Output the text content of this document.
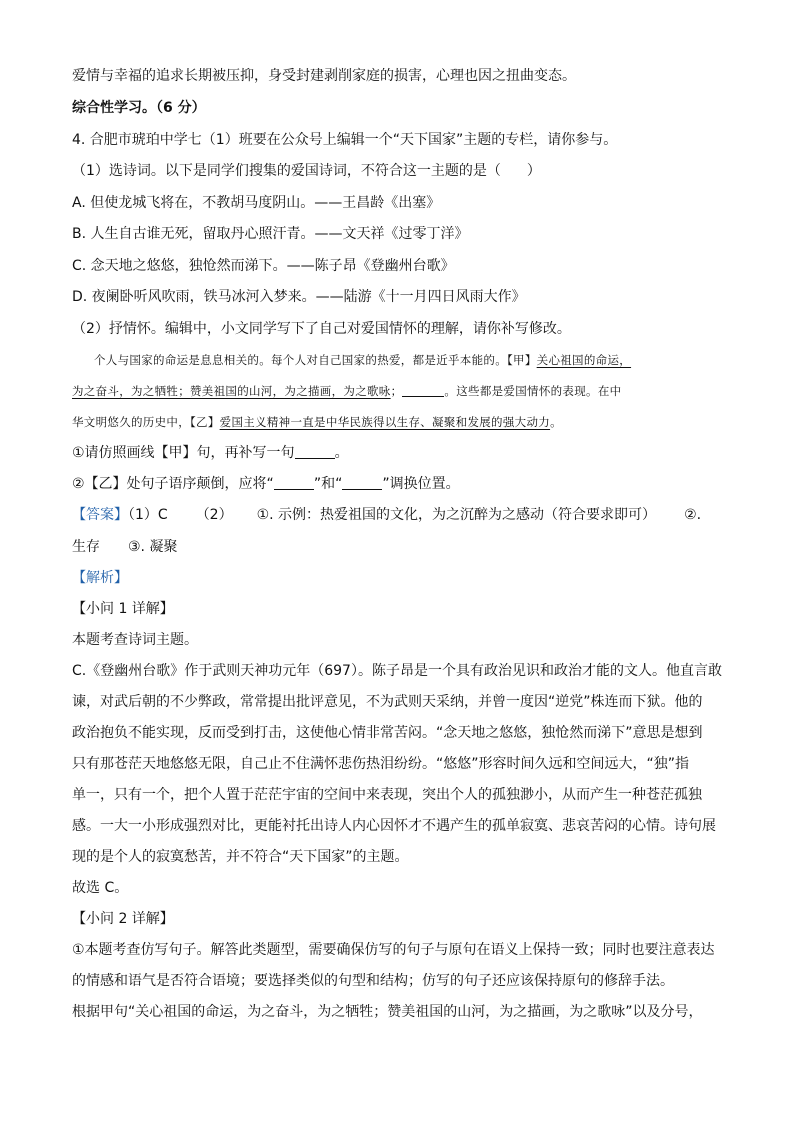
爱情与幸福的追求长期被压抑，身受封建剥削家庭的损害，心理也因之扭曲变态。
综合性学习。（6 分）
4. 合肥市琥珀中学七（1）班要在公众号上编辑一个“天下国家”主题的专栏，请你参与。
（1）选诗词。以下是同学们搜集的爱国诗词，不符合这一主题的是（ ）
A. 但使龙城飞将在，不教胡马度阴山。——王昌龄《出塞》
B. 人生自古谁无死，留取丹心照汗青。——文天祥《过零丁洋》
C. 念天地之悠悠，独怆然而涕下。——陈子昂《登幽州台歌》
D. 夜阑卧听风吹雨，铁马冰河入梦来。——陆游《十一月四日风雨大作》
（2）抒情怀。编辑中，小文同学写下了自己对爱国情怀的理解，请你补写修改。
个人与国家的命运是息息相关的。每个人对自己国家的热爱，都是近乎本能的。【甲】关心祖国的命运，
为之奋斗，为之牺牲；赞美祖国的山河，为之描画，为之歌咏；	。这些都是爱国情怀的表现。在中
华文明悠久的历史中，【乙】爱国主义精神一直是中华民族得以生存、凝聚和发展的强大动力。
①请仿照画线【甲】句，再补写一句	。
②【乙】处句子语序颠倒，应将“	”和“	”调换位置。
【答案】（1）C （2） ①. 示例：热爱祖国的文化，为之沉醉为之感动（符合要求即可） ②.
生存 ③. 凝聚
【解析】
【小问 1 详解】
本题考查诗词主题。
C.《登幽州台歌》作于武则天神功元年（697）。陈子昂是一个具有政治见识和政治才能的文人。他直言敢
谏，对武后朝的不少弊政，常常提出批评意见，不为武则天采纳，并曾一度因“逆党”株连而下狱。他的
政治抱负不能实现，反而受到打击，这使他心情非常苦闷。“念天地之悠悠，独怆然而涕下”意思是想到
只有那苍茫天地悠悠无限，自己止不住满怀悲伤热泪纷纷。“悠悠”形容时间久远和空间远大，“独”指
单一，只有一个，把个人置于茫茫宇宙的空间中来表现，突出个人的孤独渺小，从而产生一种苍茫孤独
感。一大一小形成强烈对比，更能衬托出诗人内心因怀才不遇产生的孤单寂寞、悲哀苦闷的心情。诗句展
现的是个人的寂寞愁苦，并不符合“天下国家”的主题。
故选 C。
【小问 2 详解】
①本题考查仿写句子。解答此类题型，需要确保仿写的句子与原句在语义上保持一致；同时也要注意表达
的情感和语气是否符合语境；要选择类似的句型和结构；仿写的句子还应该保持原句的修辞手法。
根据甲句“关心祖国的命运，为之奋斗，为之牺牲；赞美祖国的山河，为之描画，为之歌咏”以及分号，
